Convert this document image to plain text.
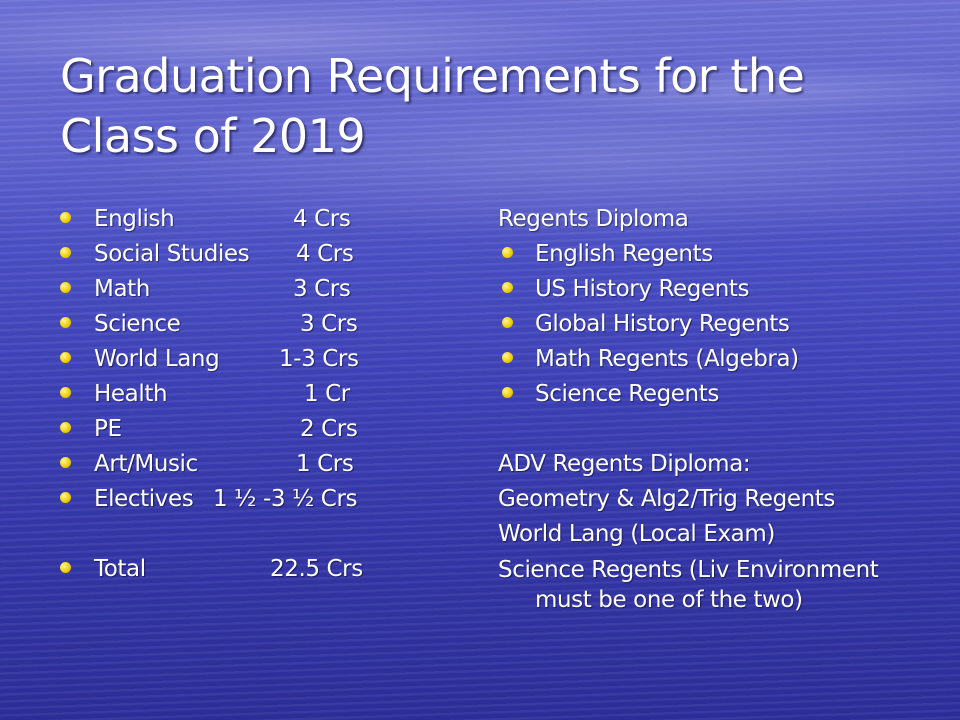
Graduation Requirements for the Class of 2019
English	4 Crs
Social Studies 4 Crs
Math	3 Crs
Science	3 Crs
World Lang	1-3 Crs
Health	1 Cr
PE	2 Crs
Art/Music	1 Crs
Electives 1 ½ -3 ½ Crs
Total	22.5 Crs
Regents Diploma
English Regents
US History Regents
Global History Regents
Math Regents (Algebra)
Science Regents
ADV Regents Diploma:
Geometry & Alg2/Trig Regents
World Lang (Local Exam)
Science Regents (Liv Environment
must be one of the two)
